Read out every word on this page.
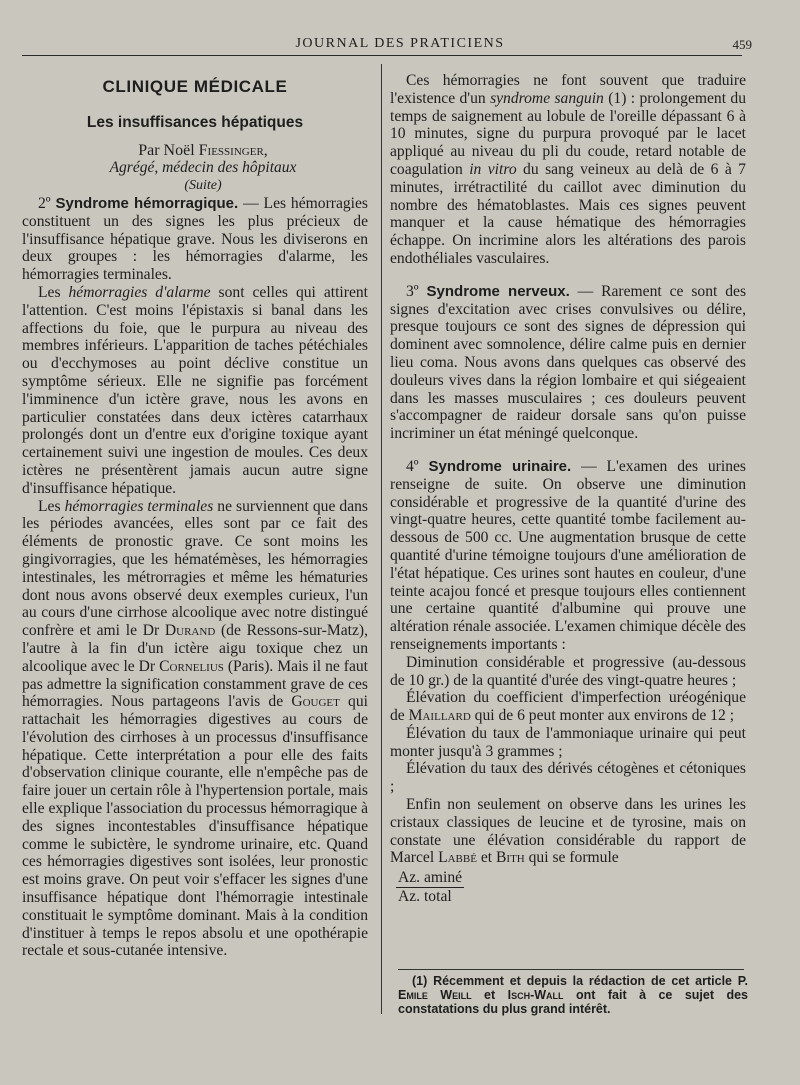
JOURNAL DES PRATICIENS	459
CLINIQUE MÉDICALE
Les insuffisances hépatiques

Par Noël Fiessinger,

Agrégé, médecin des hôpitaux

(Suite)

2º Syndrome hémorragique. — Les hémorragies constituent un des signes les plus précieux de l'insuffisance hépatique grave. Nous les diviserons en deux groupes : les hémorragies d'alarme, les hémorragies terminales.

Les hémorragies d'alarme sont celles qui attirent l'attention. C'est moins l'épistaxis si banal dans les affections du foie, que le purpura au niveau des membres inférieurs. L'apparition de taches pétéchiales ou d'ecchymoses au point déclive constitue un symptôme sérieux. Elle ne signifie pas forcément l'imminence d'un ictère grave, nous les avons en particulier constatées dans deux ictères catarrhaux prolongés dont un d'entre eux d'origine toxique ayant certainement suivi une ingestion de moules. Ces deux ictères ne présentèrent jamais aucun autre signe d'insuffisance hépatique.

Les hémorragies terminales ne surviennent que dans les périodes avancées, elles sont par ce fait des éléments de pronostic grave. Ce sont moins les gingivorragies, que les hématémèses, les hémorragies intestinales, les métrorragies et même les hématuries dont nous avons observé deux exemples curieux, l'un au cours d'une cirrhose alcoolique avec notre distingué confrère et ami le Dr Durand (de Ressons-sur-Matz), l'autre à la fin d'un ictère aigu toxique chez un alcoolique avec le Dr Cornelius (Paris). Mais il ne faut pas admettre la signification constamment grave de ces hémorragies. Nous partageons l'avis de Gouget qui rattachait les hémorragies digestives au cours de l'évolution des cirrhoses à un processus d'insuffisance hépatique. Cette interprétation a pour elle des faits d'observation clinique courante, elle n'empêche pas de faire jouer un certain rôle à l'hypertension portale, mais elle explique l'association du processus hémorragique à des signes incontestables d'insuffisance hépatique comme le subictère, le syndrome urinaire, etc. Quand ces hémorragies digestives sont isolées, leur pronostic est moins grave. On peut voir s'effacer les signes d'une insuffisance hépatique dont l'hémorragie intestinale constituait le symptôme dominant. Mais à la condition d'instituer à temps le repos absolu et une opothérapie rectale et sous-cutanée intensive.

Ces hémorragies ne font souvent que traduire l'existence d'un syndrome sanguin (1) : prolongement du temps de saignement au lobule de l'oreille dépassant 6 à 10 minutes, signe du purpura provoqué par le lacet appliqué au niveau du pli du coude, retard notable de coagulation in vitro du sang veineux au delà de 6 à 7 minutes, irrétractilité du caillot avec diminution du nombre des hématoblastes. Mais ces signes peuvent manquer et la cause hématique des hémorragies échappe. On incrimine alors les altérations des parois endothéliales vasculaires.

3º Syndrome nerveux. — Rarement ce sont des signes d'excitation avec crises convulsives ou délire, presque toujours ce sont des signes de dépression qui dominent avec somnolence, délire calme puis en dernier lieu coma. Nous avons dans quelques cas observé des douleurs vives dans la région lombaire et qui siégeaient dans les masses musculaires ; ces douleurs peuvent s'accompagner de raideur dorsale sans qu'on puisse incriminer un état méningé quelconque.

4º Syndrome urinaire. — L'examen des urines renseigne de suite. On observe une diminution considérable et progressive de la quantité d'urine des vingt-quatre heures, cette quantité tombe facilement au-dessous de 500 cc. Une augmentation brusque de cette quantité d'urine témoigne toujours d'une amélioration de l'état hépatique. Ces urines sont hautes en couleur, d'une teinte acajou foncé et presque toujours elles contiennent une certaine quantité d'albumine qui prouve une altération rénale associée. L'examen chimique décèle des renseignements importants :

Diminution considérable et progressive (au-dessous de 10 gr.) de la quantité d'urée des vingt-quatre heures ;

Élévation du coefficient d'imperfection uréogénique de Maillard qui de 6 peut monter aux environs de 12 ;

Élévation du taux de l'ammoniaque urinaire qui peut monter jusqu'à 3 grammes ;

Élévation du taux des dérivés cétogènes et cétoniques ;

Enfin non seulement on observe dans les urines les cristaux classiques de leucine et de tyrosine, mais on constate une élévation considérable du rapport de Marcel Labbé et Bith qui se formule

$\frac{Az. aminé}{\text{Az. total}}$

(1) Récemment et depuis la rédaction de cet article P. Emile Weill et Isch-Wall ont fait à ce sujet des constatations du plus grand intérêt.
